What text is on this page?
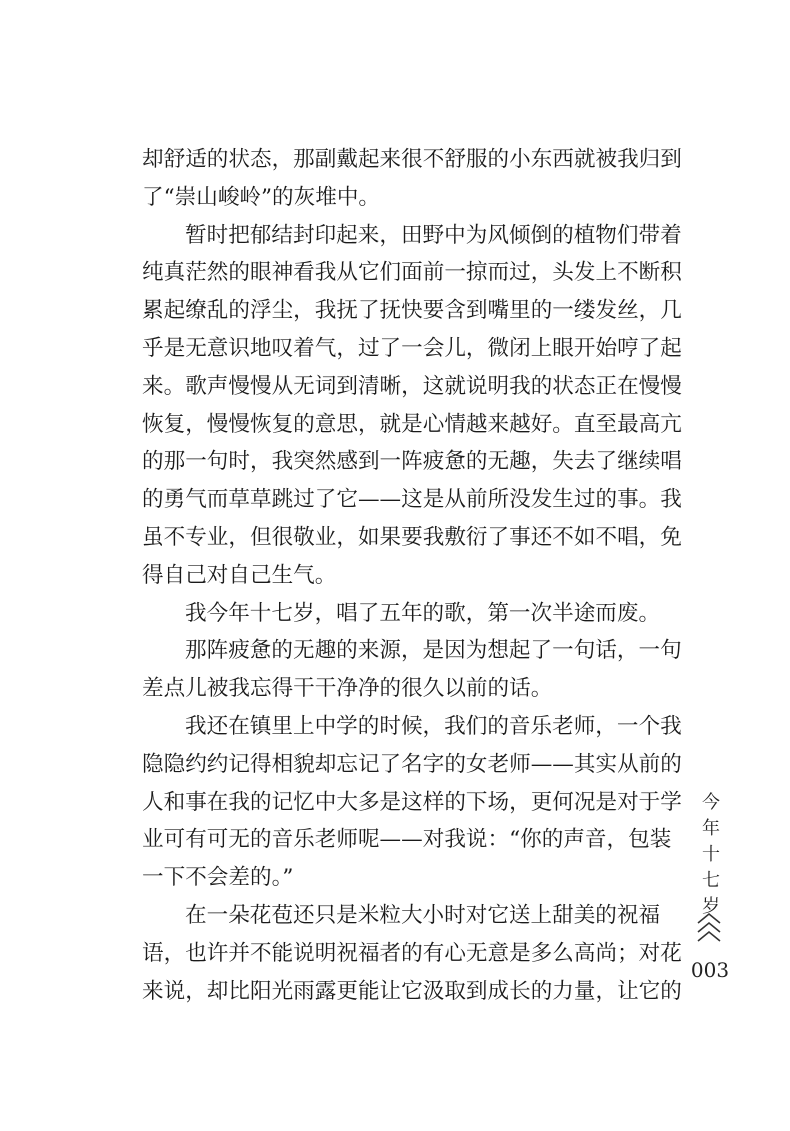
却舒适的状态，那副戴起来很不舒服的小东西就被我归到
了“崇山峻岭”的灰堆中。
暂时把郁结封印起来，田野中为风倾倒的植物们带着
纯真茫然的眼神看我从它们面前一掠而过，头发上不断积
累起缭乱的浮尘，我抚了抚快要含到嘴里的一缕发丝，几
乎是无意识地叹着气，过了一会儿，微闭上眼开始哼了起
来。歌声慢慢从无词到清晰，这就说明我的状态正在慢慢
恢复，慢慢恢复的意思，就是心情越来越好。直至最高亢
的那一句时，我突然感到一阵疲惫的无趣，失去了继续唱
的勇气而草草跳过了它——这是从前所没发生过的事。我
虽不专业，但很敬业，如果要我敷衍了事还不如不唱，免
得自己对自己生气。
我今年十七岁，唱了五年的歌，第一次半途而废。
那阵疲惫的无趣的来源，是因为想起了一句话，一句
差点儿被我忘得干干净净的很久以前的话。
我还在镇里上中学的时候，我们的音乐老师，一个我
隐隐约约记得相貌却忘记了名字的女老师——其实从前的
人和事在我的记忆中大多是这样的下场，更何况是对于学
业可有可无的音乐老师呢——对我说：“你的声音，包装
一下不会差的。”
在一朵花苞还只是米粒大小时对它送上甜美的祝福
语，也许并不能说明祝福者的有心无意是多么高尚；对花
来说，却比阳光雨露更能让它汲取到成长的力量，让它的
今
年
十
七
岁
003
